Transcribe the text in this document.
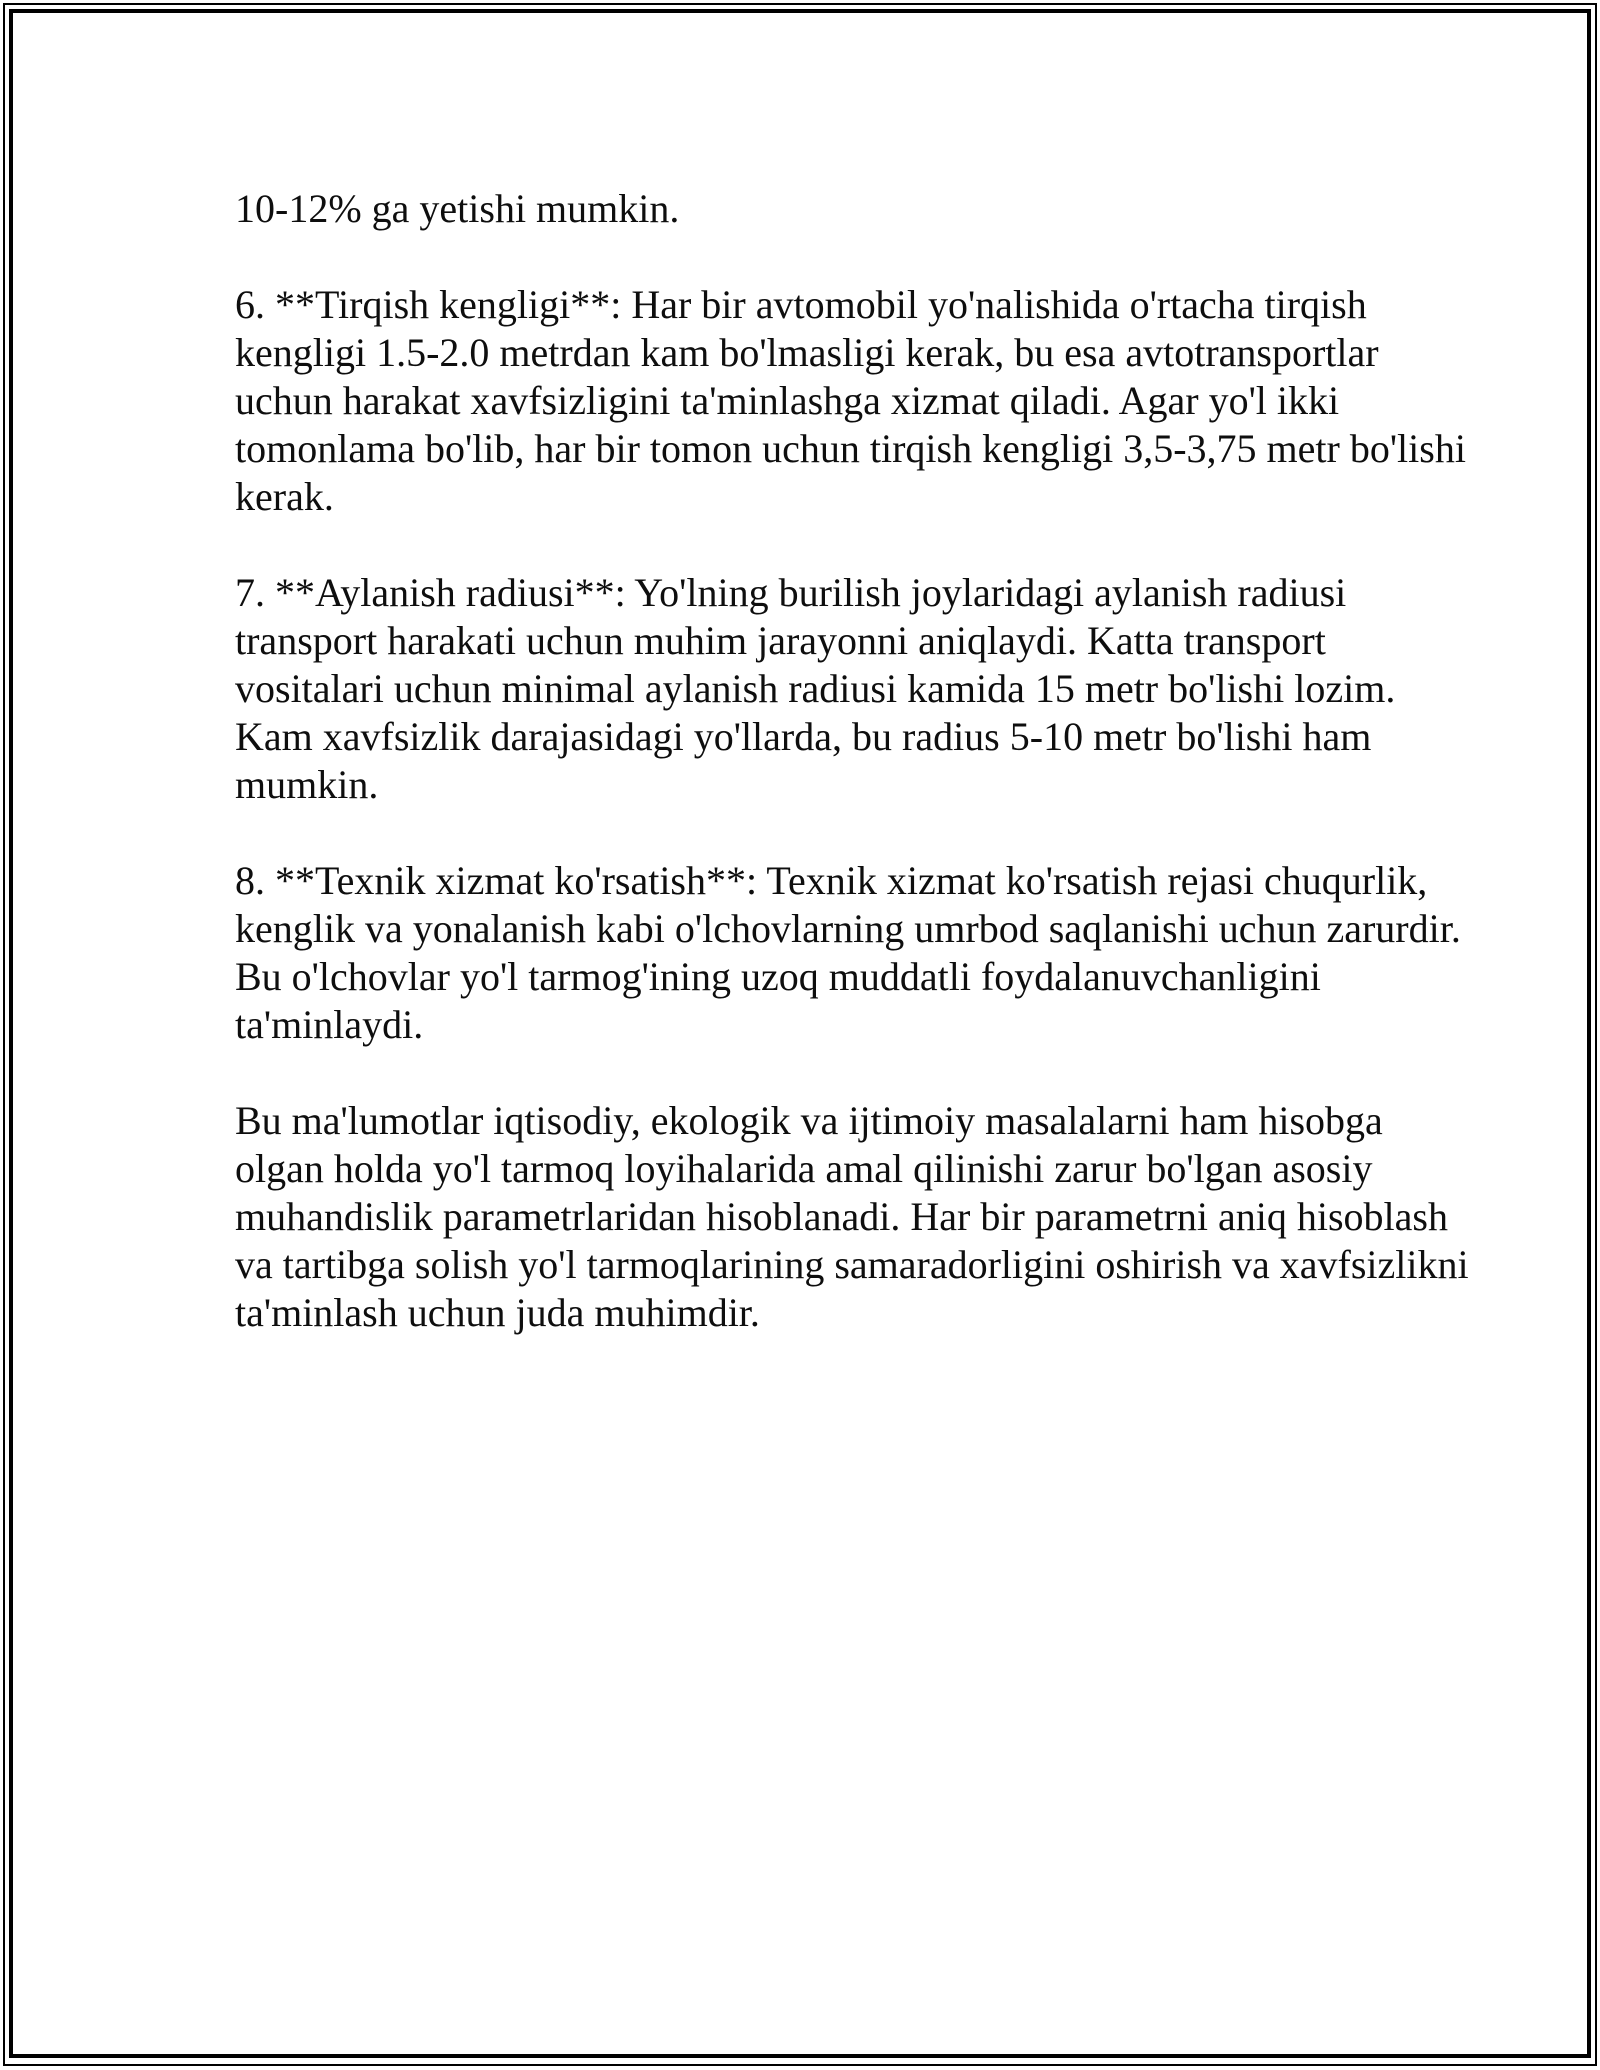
10-12% ga yetishi mumkin.
6. **Tirqish kengligi**: Har bir avtomobil yo'nalishida o'rtacha tirqish
kengligi 1.5-2.0 metrdan kam bo'lmasligi kerak, bu esa avtotransportlar
uchun harakat xavfsizligini ta'minlashga xizmat qiladi. Agar yo'l ikki
tomonlama bo'lib, har bir tomon uchun tirqish kengligi 3,5-3,75 metr bo'lishi
kerak.
7. **Aylanish radiusi**: Yo'lning burilish joylaridagi aylanish radiusi
transport harakati uchun muhim jarayonni aniqlaydi. Katta transport
vositalari uchun minimal aylanish radiusi kamida 15 metr bo'lishi lozim.
Kam xavfsizlik darajasidagi yo'llarda, bu radius 5-10 metr bo'lishi ham
mumkin.
8. **Texnik xizmat ko'rsatish**: Texnik xizmat ko'rsatish rejasi chuqurlik,
kenglik va yonalanish kabi o'lchovlarning umrbod saqlanishi uchun zarurdir.
Bu o'lchovlar yo'l tarmog'ining uzoq muddatli foydalanuvchanligini
ta'minlaydi.
Bu ma'lumotlar iqtisodiy, ekologik va ijtimoiy masalalarni ham hisobga
olgan holda yo'l tarmoq loyihalarida amal qilinishi zarur bo'lgan asosiy
muhandislik parametrlaridan hisoblanadi. Har bir parametrni aniq hisoblash
va tartibga solish yo'l tarmoqlarining samaradorligini oshirish va xavfsizlikni
ta'minlash uchun juda muhimdir.
